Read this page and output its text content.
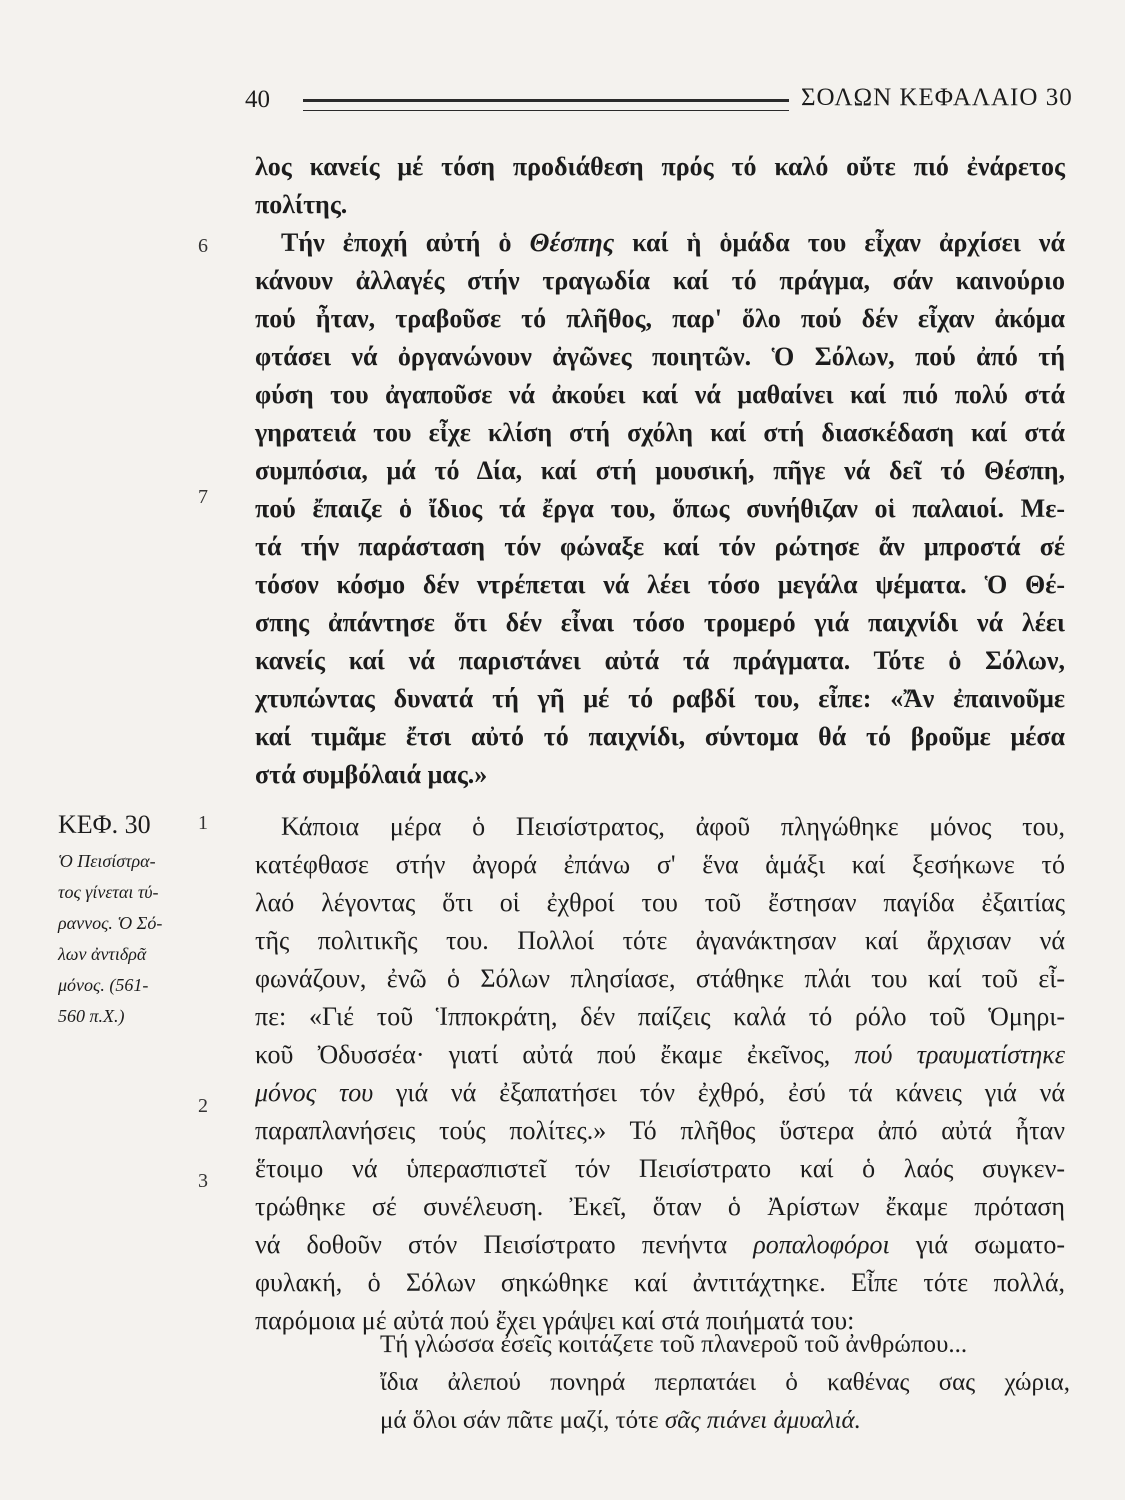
40	ΣΟΛΩΝ ΚΕΦΑΛΑΙΟ 30
6
7
1
2
3
ΚΕΦ. 30
Ὁ Πεισίστρα-
τος γίνεται τύ-
ραννος. Ὁ Σό-
λων ἀντιδρᾶ
μόνος. (561-
560 π.Χ.)
λος κανείς μέ τόση προδιάθεση πρός τό καλό οὔτε πιό ἐνάρετος
πολίτης.
Τήν ἐποχή αὐτή ὁ Θέσπης καί ἡ ὁμάδα του εἶχαν ἀρχίσει νά
κάνουν ἀλλαγές στήν τραγωδία καί τό πράγμα, σάν καινούριο
πού ἦταν, τραβοῦσε τό πλῆθος, παρ' ὅλο πού δέν εἶχαν ἀκόμα
φτάσει νά ὀργανώνουν ἀγῶνες ποιητῶν. Ὁ Σόλων, πού ἀπό τή
φύση του ἀγαποῦσε νά ἀκούει καί νά μαθαίνει καί πιό πολύ στά
γηρατειά του εἶχε κλίση στή σχόλη καί στή διασκέδαση καί στά
συμπόσια, μά τό Δία, καί στή μουσική, πῆγε νά δεῖ τό Θέσπη,
πού ἔπαιζε ὁ ἴδιος τά ἔργα του, ὅπως συνήθιζαν οἱ παλαιοί. Με-
τά τήν παράσταση τόν φώναξε καί τόν ρώτησε ἄν μπροστά σέ
τόσον κόσμο δέν ντρέπεται νά λέει τόσο μεγάλα ψέματα. Ὁ Θέ-
σπης ἀπάντησε ὅτι δέν εἶναι τόσο τρομερό γιά παιχνίδι νά λέει
κανείς καί νά παριστάνει αὐτά τά πράγματα. Τότε ὁ Σόλων,
χτυπώντας δυνατά τή γῆ μέ τό ραβδί του, εἶπε: «Ἄν ἐπαινοῦμε
καί τιμᾶμε ἔτσι αὐτό τό παιχνίδι, σύντομα θά τό βροῦμε μέσα
στά συμβόλαιά μας.»
Κάποια μέρα ὁ Πεισίστρατος, ἀφοῦ πληγώθηκε μόνος του,
κατέφθασε στήν ἀγορά ἐπάνω σ' ἕνα ἁμάξι καί ξεσήκωνε τό
λαό λέγοντας ὅτι οἱ ἐχθροί του τοῦ ἔστησαν παγίδα ἐξαιτίας
τῆς πολιτικῆς του. Πολλοί τότε ἀγανάκτησαν καί ἄρχισαν νά
φωνάζουν, ἐνῶ ὁ Σόλων πλησίασε, στάθηκε πλάι του καί τοῦ εἶ-
πε: «Γιέ τοῦ Ἱπποκράτη, δέν παίζεις καλά τό ρόλο τοῦ Ὁμηρι-
κοῦ Ὀδυσσέα· γιατί αὐτά πού ἔκαμε ἐκεῖνος, πού τραυματίστηκε
μόνος του γιά νά ἐξαπατήσει τόν ἐχθρό, ἐσύ τά κάνεις γιά νά
παραπλανήσεις τούς πολίτες.» Τό πλῆθος ὕστερα ἀπό αὐτά ἦταν
ἕτοιμο νά ὑπερασπιστεῖ τόν Πεισίστρατο καί ὁ λαός συγκεν-
τρώθηκε σέ συνέλευση. Ἐκεῖ, ὅταν ὁ Ἀρίστων ἔκαμε πρόταση
νά δοθοῦν στόν Πεισίστρατο πενήντα ροπαλοφόροι γιά σωματο-
φυλακή, ὁ Σόλων σηκώθηκε καί ἀντιτάχτηκε. Εἶπε τότε πολλά,
παρόμοια μέ αὐτά πού ἔχει γράψει καί στά ποιήματά του:
Τή γλώσσα ἐσεῖς κοιτάζετε τοῦ πλανεροῦ τοῦ ἀνθρώπου...
ἴδια ἀλεπού πονηρά περπατάει ὁ καθένας σας χώρια,
μά ὅλοι σάν πᾶτε μαζί, τότε σᾶς πιάνει ἀμυαλιά.
